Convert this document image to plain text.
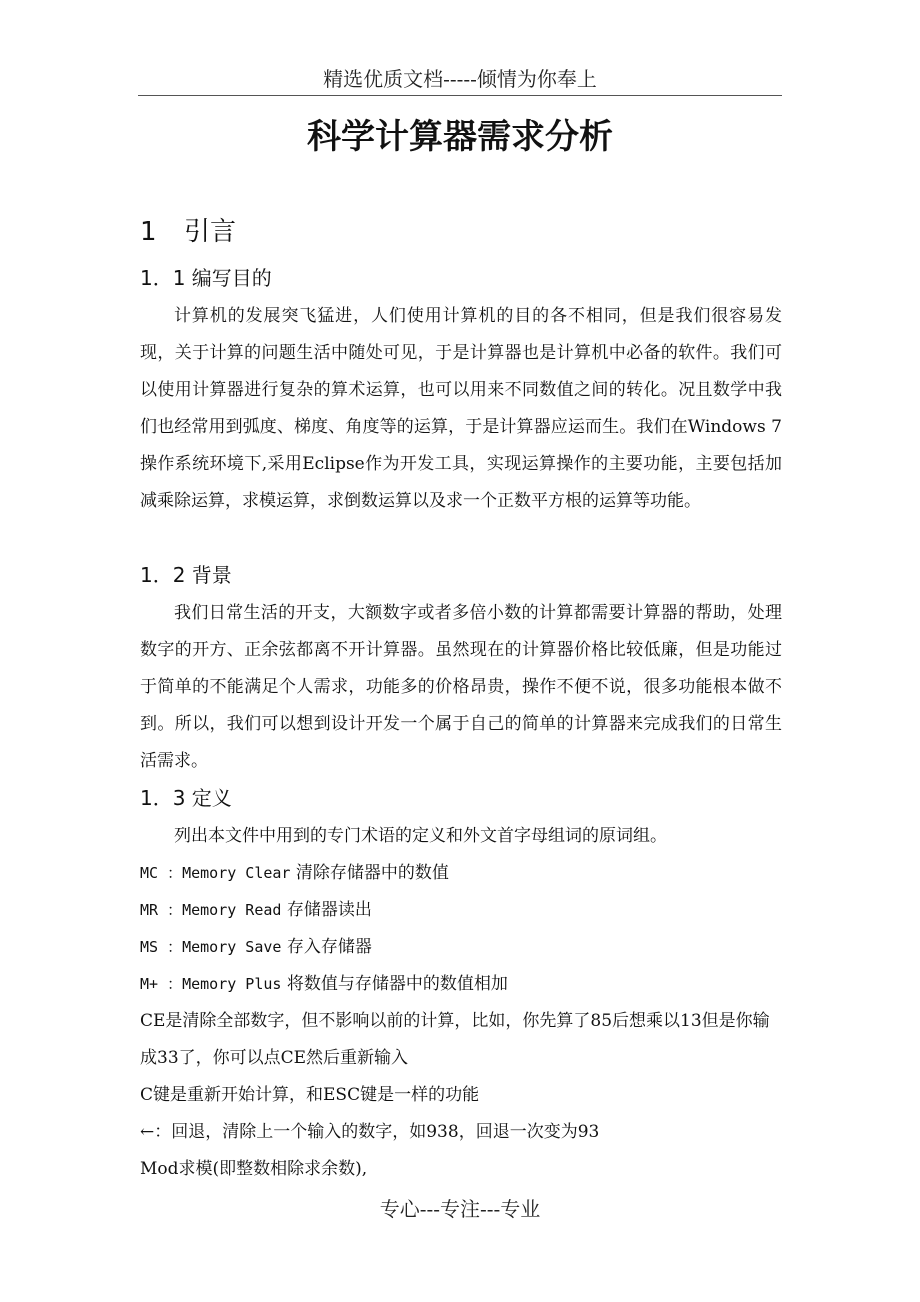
精选优质文档-----倾情为你奉上
科学计算器需求分析
1 引言
1．1 编写目的

计算机的发展突飞猛进，人们使用计算机的目的各不相同，但是我们很容易发现，关于计算的问题生活中随处可见，于是计算器也是计算机中必备的软件。我们可以使用计算器进行复杂的算术运算，也可以用来不同数值之间的转化。况且数学中我们也经常用到弧度、梯度、角度等的运算，于是计算器应运而生。我们在Windows 7操作系统环境下,采用Eclipse作为开发工具，实现运算操作的主要功能，主要包括加减乘除运算，求模运算，求倒数运算以及求一个正数平方根的运算等功能。

1．2 背景

我们日常生活的开支，大额数字或者多倍小数的计算都需要计算器的帮助，处理数字的开方、正余弦都离不开计算器。虽然现在的计算器价格比较低廉，但是功能过于简单的不能满足个人需求，功能多的价格昂贵，操作不便不说，很多功能根本做不到。所以，我们可以想到设计开发一个属于自己的简单的计算器来完成我们的日常生活需求。

1．3 定义

列出本文件中用到的专门术语的定义和外文首字母组词的原词组。

MC ：Memory Clear 清除存储器中的数值
MR ：Memory Read 存储器读出
MS ：Memory Save 存入存储器
M+ ：Memory Plus 将数值与存储器中的数值相加

CE是清除全部数字，但不影响以前的计算，比如，你先算了85后想乘以13但是你输成33了，你可以点CE然后重新输入

C键是重新开始计算，和ESC键是一样的功能

←：回退，清除上一个输入的数字，如938，回退一次变为93

Mod求模(即整数相除求余数),

专心---专注---专业
